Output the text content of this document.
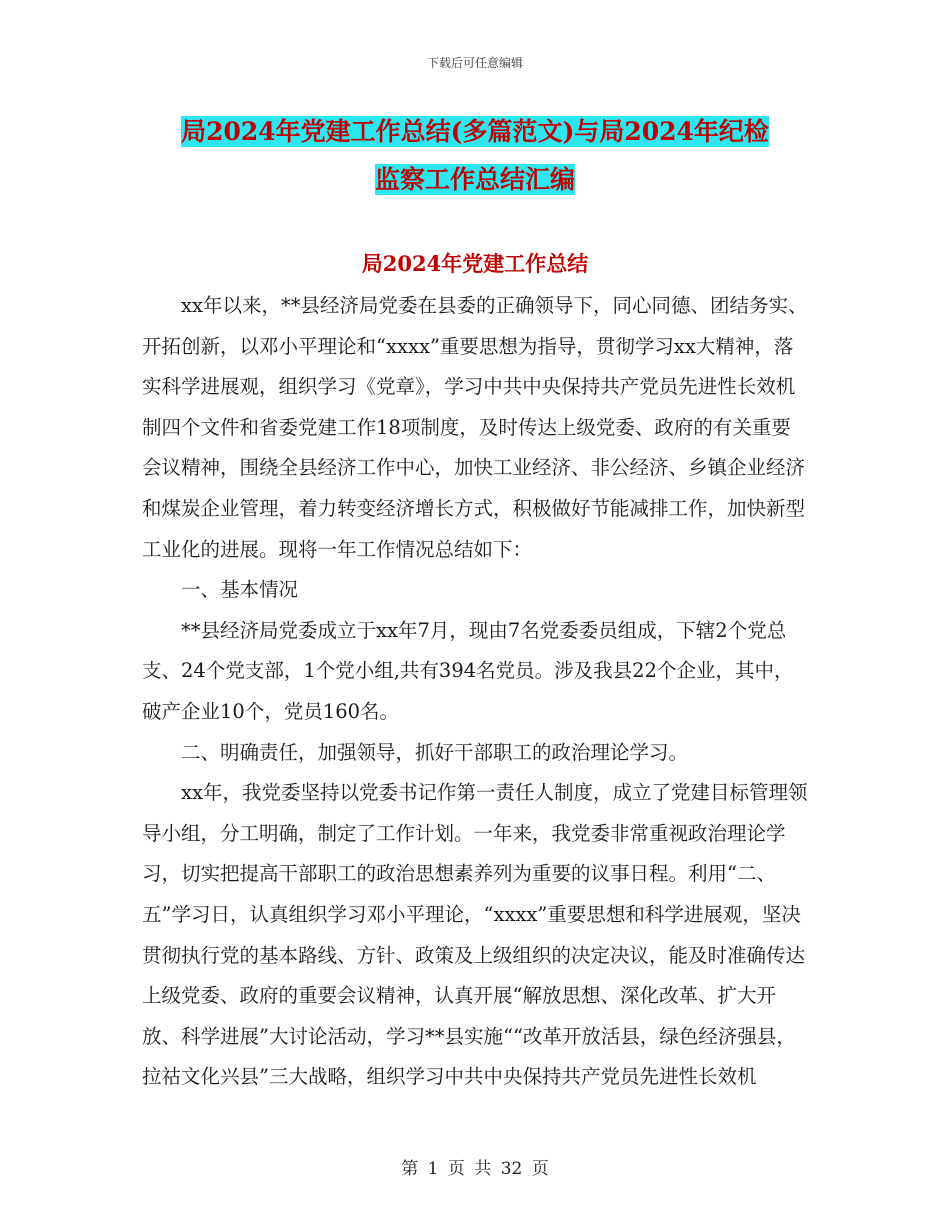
下载后可任意编辑
局2024年党建工作总结(多篇范文)与局2024年纪检
监察工作总结汇编
局2024年党建工作总结

xx年以来，**县经济局党委在县委的正确领导下，同心同德、团结务实、开拓创新，以邓小平理论和“xxxx”重要思想为指导，贯彻学习xx大精神，落实科学进展观，组织学习《党章》，学习中共中央保持共产党员先进性长效机制四个文件和省委党建工作18项制度，及时传达上级党委、政府的有关重要会议精神，围绕全县经济工作中心，加快工业经济、非公经济、乡镇企业经济和煤炭企业管理，着力转变经济增长方式，积极做好节能减排工作，加快新型工业化的进展。现将一年工作情况总结如下：

一、基本情况

**县经济局党委成立于xx年7月，现由7名党委委员组成，下辖2个党总支、24个党支部，1个党小组,共有394名党员。涉及我县22个企业，其中，破产企业10个，党员160名。

二、明确责任，加强领导，抓好干部职工的政治理论学习。

xx年，我党委坚持以党委书记作第一责任人制度，成立了党建目标管理领导小组，分工明确，制定了工作计划。一年来，我党委非常重视政治理论学习，切实把提高干部职工的政治思想素养列为重要的议事日程。利用“二、五”学习日，认真组织学习邓小平理论，“xxxx”重要思想和科学进展观，坚决贯彻执行党的基本路线、方针、政策及上级组织的决定决议，能及时准确传达上级党委、政府的重要会议精神，认真开展“解放思想、深化改革、扩大开放、科学进展”大讨论活动，学习**县实施““改革开放活县，绿色经济强县，拉祜文化兴县”三大战略，组织学习中共中央保持共产党员先进性长效机

第 1 页 共 32 页
